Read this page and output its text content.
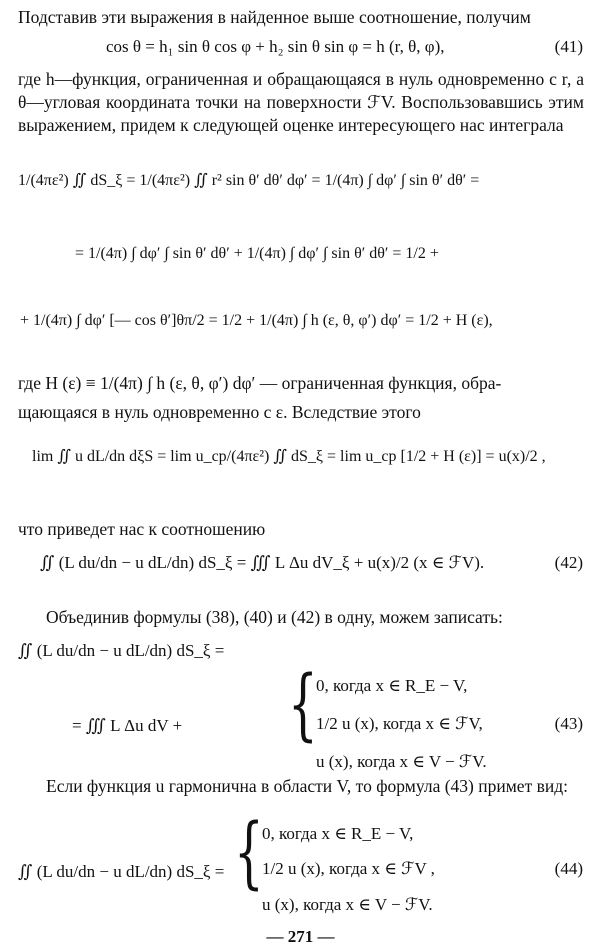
Подставив эти выражения в найденное выше соотношение, получим
cos θ = h₁ sin θ cos φ + h₂ sin θ sin φ = h (r, θ, φ),	(41)
где h—функция, ограниченная и обращающаяся в нуль одновременно с r, а θ—угловая координата точки на поверхности ℱV. Воспользовавшись этим выражением, придем к следующей оценке интересующего нас интеграла
1/(4πε²) ∬ dS_ξ = 1/(4πε²) ∬ r² sin θ′ dθ′ dφ′ = 1/(4π) ∫ dφ′ ∫ sin θ′ dθ′ =
= 1/(4π) ∫ dφ′ ∫ sin θ′ dθ′ + 1/(4π) ∫ dφ′ ∫ sin θ′ dθ′ = 1/2 +
+ 1/(4π) ∫ dφ′ [— cos θ′]θπ/2 = 1/2 + 1/(4π) ∫ h (ε, θ, φ′) dφ′ = 1/2 + H (ε),
где H (ε) ≡ 1/(4π) ∫ h (ε, θ, φ′) dφ′ — ограниченная функция, обра-
щающаяся в нуль одновременно с ε. Вследствие этого
lim ∬ u dL/dn dξS = lim u_ср/(4πε²) ∬ dS_ξ = lim u_ср [1/2 + H (ε)] = u(x)/2 ,
что приведет нас к соотношению
∬ (L du/dn − u dL/dn) dS_ξ = ∭ L Δu dV_ξ + u(x)/2 (x ∈ ℱV).	(42)
Объединив формулы (38), (40) и (42) в одну, можем записать:
∬ (L du/dn − u dL/dn) dS_ξ =
= ∭ L Δu dV + {
0, когда x ∈ R_E − V,
1/2 u (x), когда x ∈ ℱV,
u (x), когда x ∈ V − ℱV.
(43)
Если функция u гармонична в области V, то формула (43) примет вид:
∬ (L du/dn − u dL/dn) dS_ξ = {
0, когда x ∈ R_E − V,
1/2 u (x), когда x ∈ ℱV ,
u (x), когда x ∈ V − ℱV.
(44)
— 271 —
